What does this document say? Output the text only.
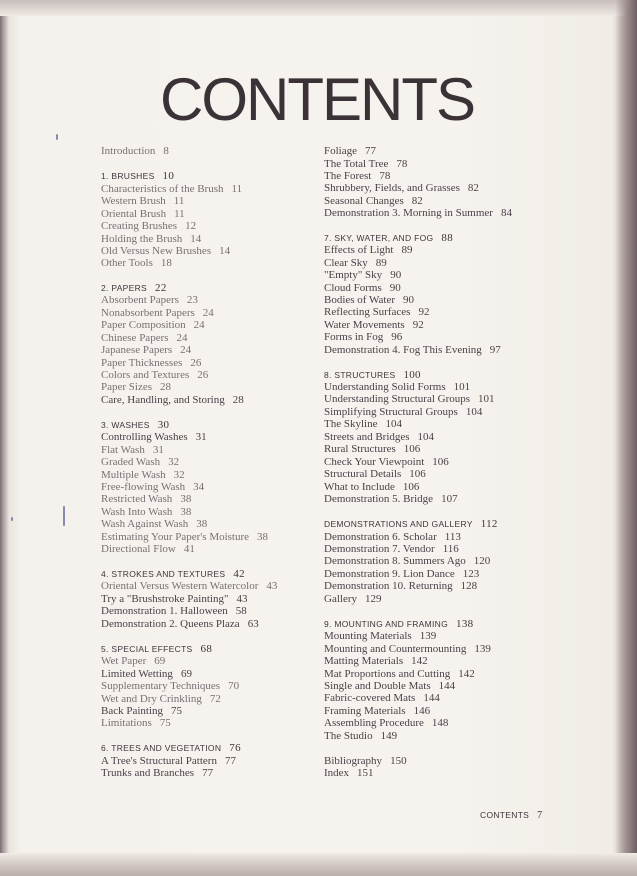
CONTENTS
Introduction 8
1. BRUSHES 10
Characteristics of the Brush 11
Western Brush 11
Oriental Brush 11
Creating Brushes 12
Holding the Brush 14
Old Versus New Brushes 14
Other Tools 18
2. PAPERS 22
Absorbent Papers 23
Nonabsorbent Papers 24
Paper Composition 24
Chinese Papers 24
Japanese Papers 24
Paper Thicknesses 26
Colors and Textures 26
Paper Sizes 28
Care, Handling, and Storing 28
3. WASHES 30
Controlling Washes 31
Flat Wash 31
Graded Wash 32
Multiple Wash 32
Free-flowing Wash 34
Restricted Wash 38
Wash Into Wash 38
Wash Against Wash 38
Estimating Your Paper's Moisture 38
Directional Flow 41
4. STROKES AND TEXTURES 42
Oriental Versus Western Watercolor 43
Try a "Brushstroke Painting" 43
Demonstration 1. Halloween 58
Demonstration 2. Queens Plaza 63
5. SPECIAL EFFECTS 68
Wet Paper 69
Limited Wetting 69
Supplementary Techniques 70
Wet and Dry Crinkling 72
Back Painting 75
Limitations 75
6. TREES AND VEGETATION 76
A Tree's Structural Pattern 77
Trunks and Branches 77
Foliage 77
The Total Tree 78
The Forest 78
Shrubbery, Fields, and Grasses 82
Seasonal Changes 82
Demonstration 3. Morning in Summer 84
7. SKY, WATER, AND FOG 88
Effects of Light 89
Clear Sky 89
"Empty" Sky 90
Cloud Forms 90
Bodies of Water 90
Reflecting Surfaces 92
Water Movements 92
Forms in Fog 96
Demonstration 4. Fog This Evening 97
8. STRUCTURES 100
Understanding Solid Forms 101
Understanding Structural Groups 101
Simplifying Structural Groups 104
The Skyline 104
Streets and Bridges 104
Rural Structures 106
Check Your Viewpoint 106
Structural Details 106
What to Include 106
Demonstration 5. Bridge 107
DEMONSTRATIONS AND GALLERY 112
Demonstration 6. Scholar 113
Demonstration 7. Vendor 116
Demonstration 8. Summers Ago 120
Demonstration 9. Lion Dance 123
Demonstration 10. Returning 128
Gallery 129
9. MOUNTING AND FRAMING 138
Mounting Materials 139
Mounting and Countermounting 139
Matting Materials 142
Mat Proportions and Cutting 142
Single and Double Mats 144
Fabric-covered Mats 144
Framing Materials 146
Assembling Procedure 148
The Studio 149
Bibliography 150
Index 151
CONTENTS 7
